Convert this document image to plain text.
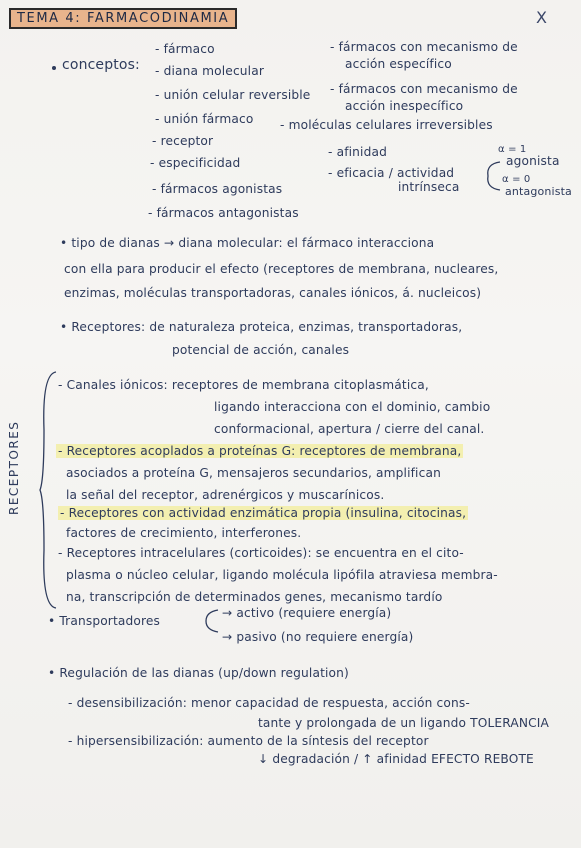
TEMA 4: FARMACODINAMIA	X
conceptos:
- fármaco
- diana molecular
- unión celular reversible
- unión fármaco - moléculas celulares irreversibles
- receptor
- especificidad
- fármacos agonistas
- fármacos antagonistas
- fármacos con mecanismo de
acción específico
- fármacos con mecanismo de
acción inespecífico
- afinidad
- eficacia / actividad
intrínseca
α = 1
agonista
α = 0
antagonista
• tipo de dianas → diana molecular: el fármaco interacciona
con ella para producir el efecto (receptores de membrana, nucleares,
enzimas, moléculas transportadoras, canales iónicos, á. nucleicos)
• Receptores: de naturaleza proteica, enzimas, transportadoras,
potencial de acción, canales
RECEPTORES
- Canales iónicos: receptores de membrana citoplasmática,
ligando interacciona con el dominio, cambio
conformacional, apertura / cierre del canal.
- Receptores acoplados a proteínas G: receptores de membrana,
asociados a proteína G, mensajeros secundarios, amplifican
la señal del receptor, adrenérgicos y muscarínicos.
- Receptores con actividad enzimática propia (insulina, citocinas,
factores de crecimiento, interferones.
- Receptores intracelulares (corticoides): se encuentra en el cito-
plasma o núcleo celular, ligando molécula lipófila atraviesa membra-
na, transcripción de determinados genes, mecanismo tardío
• Transportadores
→ activo (requiere energía)
→ pasivo (no requiere energía)
• Regulación de las dianas (up/down regulation)
- desensibilización: menor capacidad de respuesta, acción cons-
tante y prolongada de un ligando TOLERANCIA
- hipersensibilización: aumento de la síntesis del receptor
↓ degradación / ↑ afinidad EFECTO REBOTE
